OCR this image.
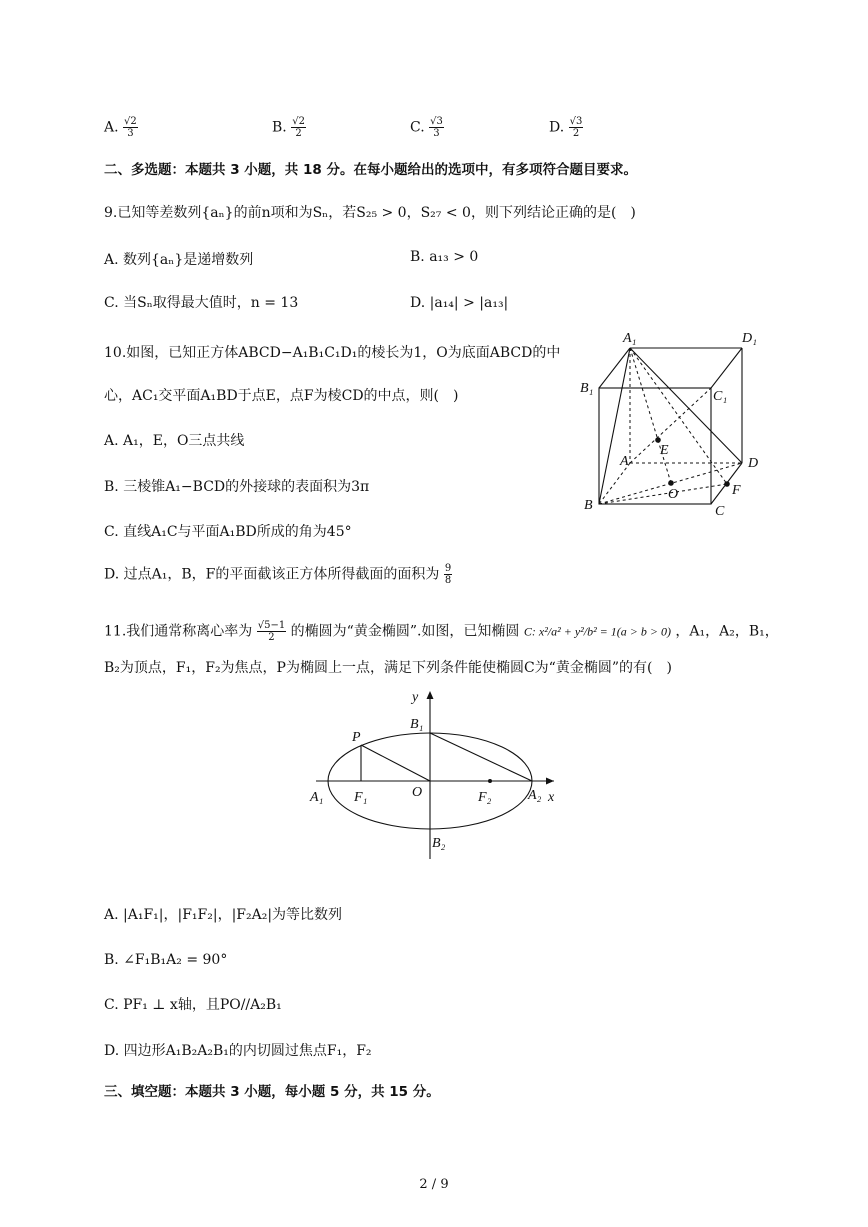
A. $\frac{√2}{3}$	B. $\frac{√2}{2}$	C. $\frac{√3}{3}$	D. $\frac{√3}{2}$
二、多选题：本题共 3 小题，共 18 分。在每小题给出的选项中，有多项符合题目要求。
9.已知等差数列{aₙ}的前n项和为Sₙ，若S₂₅ > 0，S₂₇ < 0，则下列结论正确的是(　)
A. 数列{aₙ}是递增数列	B. a₁₃ > 0
C. 当Sₙ取得最大值时，n = 13	D. |a₁₄| > |a₁₃|
10.如图，已知正方体ABCD−A₁B₁C₁D₁的棱长为1，O为底面ABCD的中
心，AC₁交平面A₁BD于点E，点F为棱CD的中点，则(　)
A. A₁，E，O三点共线
B. 三棱锥A₁−BCD的外接球的表面积为3π
C. 直线A₁C与平面A₁BD所成的角为45°
D. 过点A₁，B，F的平面截该正方体所得截面的面积为 $\frac{9}{8}$
A₁	D₁
B₁
C₁
A	D
E
B
O	F
C
11.我们通常称离心率为 $\frac{√5-1}{2}$ 的椭圆为“黄金椭圆”.如图，已知椭圆 C: x²/a² + y²/b² = 1(a > b > 0) ，A₁，A₂，B₁，
B₂为顶点，F₁，F₂为焦点，P为椭圆上一点，满足下列条件能使椭圆C为“黄金椭圆”的有(　)
y
x
P
B₁
B₂
A₁	A₂
F₁	F₂
O
A. |A₁F₁|，|F₁F₂|，|F₂A₂|为等比数列
B. ∠F₁B₁A₂ = 90°
C. PF₁ ⊥ x轴，且PO//A₂B₁
D. 四边形A₁B₂A₂B₁的内切圆过焦点F₁，F₂
三、填空题：本题共 3 小题，每小题 5 分，共 15 分。
2 / 9
